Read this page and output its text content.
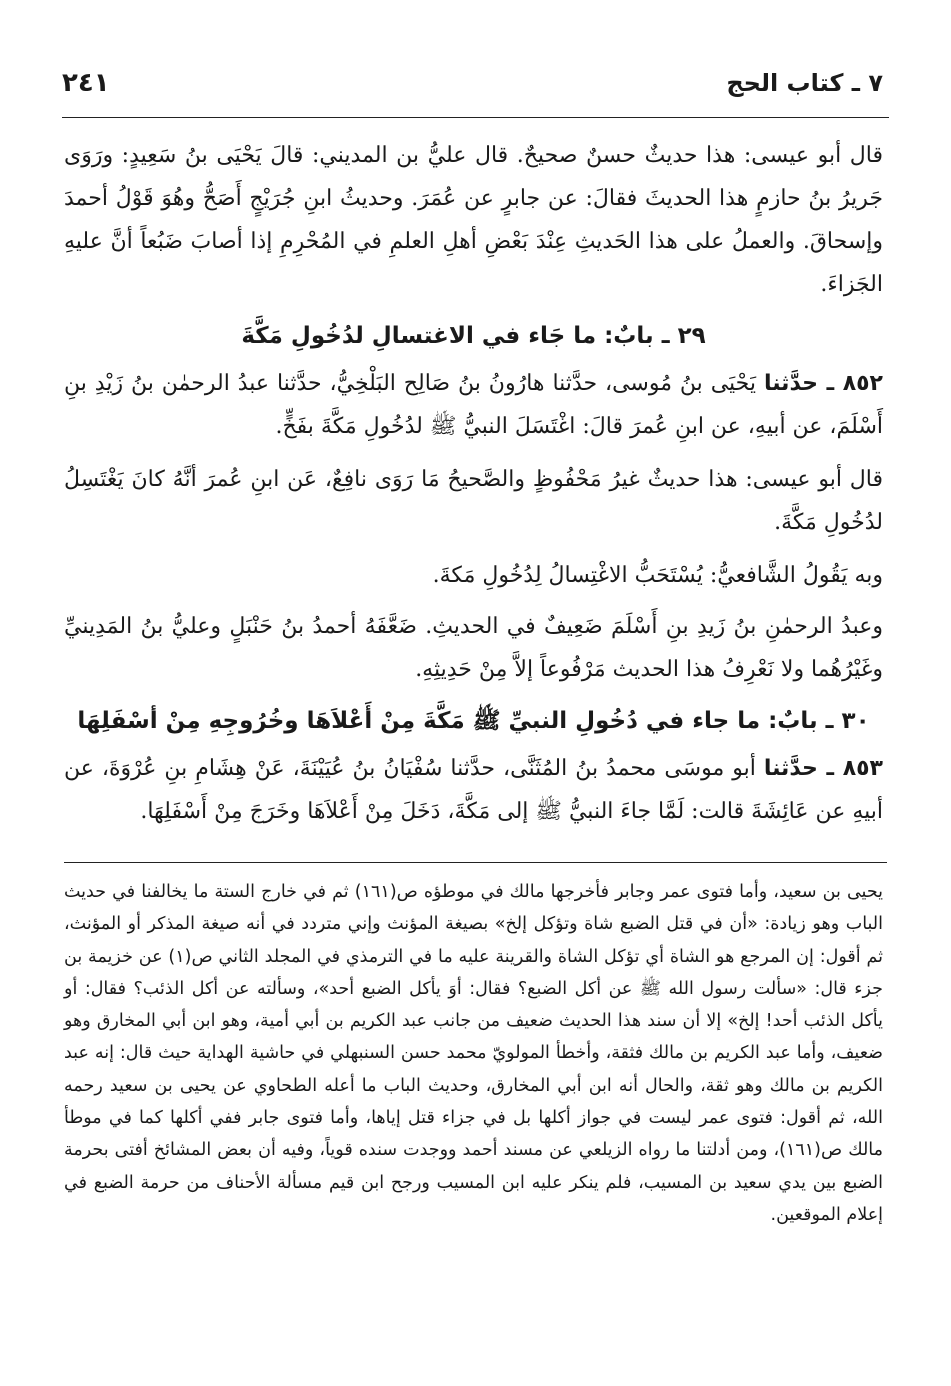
٧ ـ كتاب الحج
٢٤١

قال أبو عيسى: هذا حديثٌ حسنٌ صحيحٌ. قال عليُّ بن المديني: قالَ يَحْيَى بنُ سَعِيدٍ: ورَوَى جَريرُ بنُ حازمٍ هذا الحديثَ فقالَ: عن جابرٍ عن عُمَرَ. وحديثُ ابنِ جُرَيْجٍ أَصَحُّ وهُوَ قَوْلُ أحمدَ وإسحاقَ. والعملُ على هذا الحَديثِ عِنْدَ بَعْضِ أهلِ العلمِ في المُحْرِمِ إذا أصابَ ضَبُعاً أنَّ عليهِ الجَزاءَ.

٢٩ ـ بابٌ: ما جَاء في الاغتسالِ لدُخُولِ مَكَّةَ

٨٥٢ ـ حدَّثنا يَحْيَى بنُ مُوسى، حدَّثنا هارُونُ بنُ صَالِح البَلْخِيُّ، حدَّثنا عبدُ الرحمٰن بنُ زَيْدِ بنِ أَسْلَمَ، عن أبيهِ، عن ابنِ عُمرَ قالَ: اغْتَسَلَ النبيُّ ﷺ لدُخُولِ مَكَّةَ بفَخٍّ.

قال أبو عيسى: هذا حديثٌ غيرُ مَحْفُوظٍ والصَّحيحُ مَا رَوَى نافِعٌ، عَن ابنِ عُمرَ أنَّهُ كانَ يَغْتَسِلُ لدُخُولِ مَكَّةَ.

وبه يَقُولُ الشَّافعيُّ: يُسْتَحَبُّ الاغْتِسالُ لِدُخُولِ مَكةَ.

وعبدُ الرحمٰنِ بنُ زَيدِ بنِ أَسْلَمَ ضَعِيفٌ في الحديثِ. ضَعَّفَهُ أحمدُ بنُ حَنْبَلٍ وعليُّ بنُ المَدِينيِّ وغَيْرُهُما ولا نَعْرِفُ هذا الحديث مَرْفُوعاً إلاَّ مِنْ حَدِيثِهِ.

٣٠ ـ بابٌ: ما جاء في دُخُولِ النبيِّ ﷺ مَكَّةَ مِنْ أَعْلاَهَا وخُرُوجِهِ مِنْ أسْفَلِهَا

٨٥٣ ـ حدَّثنا أبو موسَى محمدُ بنُ المُثَنَّى، حدَّثنا سُفْيَانُ بنُ عُيَيْنَةَ، عَنْ هِشَامِ بنِ عُرْوَةَ، عن أبيهِ عن عَائِشَةَ قالت: لَمَّا جاءَ النبيُّ ﷺ إلى مَكَّةَ، دَخَلَ مِنْ أَعْلاَهَا وخَرَجَ مِنْ أَسْفَلِهَا.

يحيى بن سعيد، وأما فتوى عمر وجابر فأخرجها مالك في موطؤه ص(١٦١) ثم في خارج الستة ما يخالفنا في حديث الباب وهو زيادة: «أن في قتل الضبع شاة وتؤكل إلخ» بصيغة المؤنث وإني متردد في أنه صيغة المذكر أو المؤنث، ثم أقول: إن المرجع هو الشاة أي تؤكل الشاة والقرينة عليه ما في الترمذي في المجلد الثاني ص(١) عن خزيمة بن جزء قال: «سألت رسول الله ﷺ عن أكل الضبع؟ فقال: أوَ يأكل الضبع أحد»، وسألته عن أكل الذئب؟ فقال: أو يأكل الذئب أحد! إلخ» إلا أن سند هذا الحديث ضعيف من جانب عبد الكريم بن أبي أمية، وهو ابن أبي المخارق وهو ضعيف، وأما عبد الكريم بن مالك فثقة، وأخطأ المولويّ محمد حسن السنبهلي في حاشية الهداية حيث قال: إنه عبد الكريم بن مالك وهو ثقة، والحال أنه ابن أبي المخارق، وحديث الباب ما أعله الطحاوي عن يحيى بن سعيد رحمه الله، ثم أقول: فتوى عمر ليست في جواز أكلها بل في جزاء قتل إياها، وأما فتوى جابر ففي أكلها كما في موطأ مالك ص(١٦١)، ومن أدلتنا ما رواه الزيلعي عن مسند أحمد ووجدت سنده قوياً، وفيه أن بعض المشائخ أفتى بحرمة الضبع بين يدي سعيد بن المسيب، فلم ينكر عليه ابن المسيب ورجح ابن قيم مسألة الأحناف من حرمة الضبع في إعلام الموقعين.
